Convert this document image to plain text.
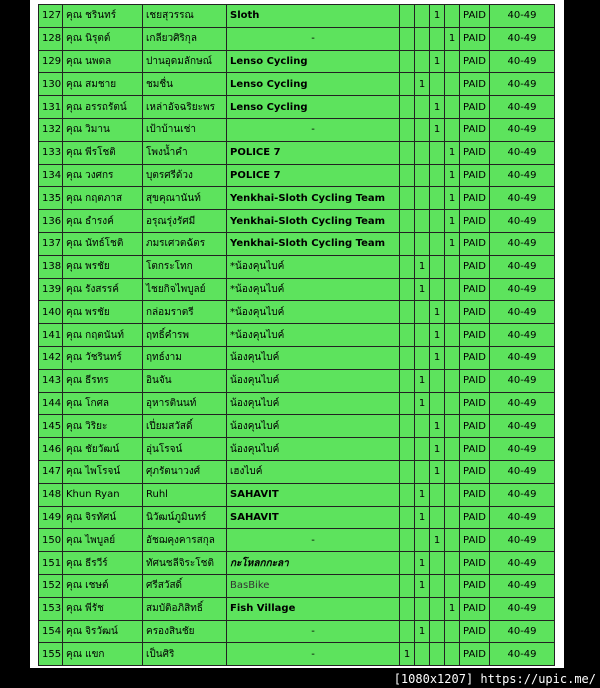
127	คุณ ชรินทร์	เชยสุวรรณ	Sloth			1		PAID	40-49
128	คุณ นิรุตต์	เกลียวศิริกุล	-				1	PAID	40-49
129	คุณ นพดล	ปานอุดมลักษณ์	Lenso Cycling			1		PAID	40-49
130	คุณ สมชาย	ชมชื่น	Lenso Cycling		1			PAID	40-49
131	คุณ อรรถรัตน์	เหล่าอัจฉริยะพร	Lenso Cycling			1		PAID	40-49
132	คุณ วิมาน	เป้าบ้านเช่า	-			1		PAID	40-49
133	คุณ พีรโชติ	โพงน้ำคำ	POLICE 7				1	PAID	40-49
134	คุณ วงศกร	บุตรศรีด้วง	POLICE 7				1	PAID	40-49
135	คุณ กฤตภาส	สุขคุณานันท์	Yenkhai-Sloth Cycling Team				1	PAID	40-49
136	คุณ ธำรงค์	อรุณรุ่งรัศมี	Yenkhai-Sloth Cycling Team				1	PAID	40-49
137	คุณ นัทธ์โชติ	ภมรเศวตฉัตร	Yenkhai-Sloth Cycling Team				1	PAID	40-49
138	คุณ พรชัย	โตกระโทก	*น้องคุนไบค์		1			PAID	40-49
139	คุณ รังสรรค์	ไชยกิจไพบูลย์	*น้องคุนไบค์		1			PAID	40-49
140	คุณ พรชัย	กล่อมราตรี	*น้องคุนไบค์			1		PAID	40-49
141	คุณ กฤตนันท์	ฤทธิ์คำรพ	*น้องคุนไบค์			1		PAID	40-49
142	คุณ วัชรินทร์	ฤทธ์งาม	น้องคุนไบค์			1		PAID	40-49
143	คุณ ธีรทร	อินจัน	น้องคุนไบค์		1			PAID	40-49
144	คุณ โกศล	อุหารตินนท์	น้องคุนไบค์		1			PAID	40-49
145	คุณ วิริยะ	เปี่ยมสวัสดิ์	น้องคุนไบค์			1		PAID	40-49
146	คุณ ชัยวัฒน์	อุ่นโรจน์	น้องคุนไบค์			1		PAID	40-49
147	คุณ ไพโรจน์	ศุภรัตนาวงศ์	เฮงไบค์			1		PAID	40-49
148	Khun Ryan	Ruhl	SAHAVIT		1			PAID	40-49
149	คุณ จิรทัศน์	นิวัฒน์ภูมินทร์	SAHAVIT		1			PAID	40-49
150	คุณ ไพบูลย์	อัชฌคุงคารสกุล	-			1		PAID	40-49
151	คุณ ธีรวีร์	ทัศนชลีจิระโชติ	กะโหลกกะลา		1			PAID	40-49
152	คุณ เชษต์	ศรีสวัสดิ์	BasBike		1			PAID	40-49
153	คุณ พีรัช	สมบัติอภิสิทธิ์	Fish Village				1	PAID	40-49
154	คุณ จิรวัฒน์	ครองสินชัย	-		1			PAID	40-49
155	คุณ แขก	เป็นศิริ	-	1				PAID	40-49
[1080x1207] https://upic.me/
